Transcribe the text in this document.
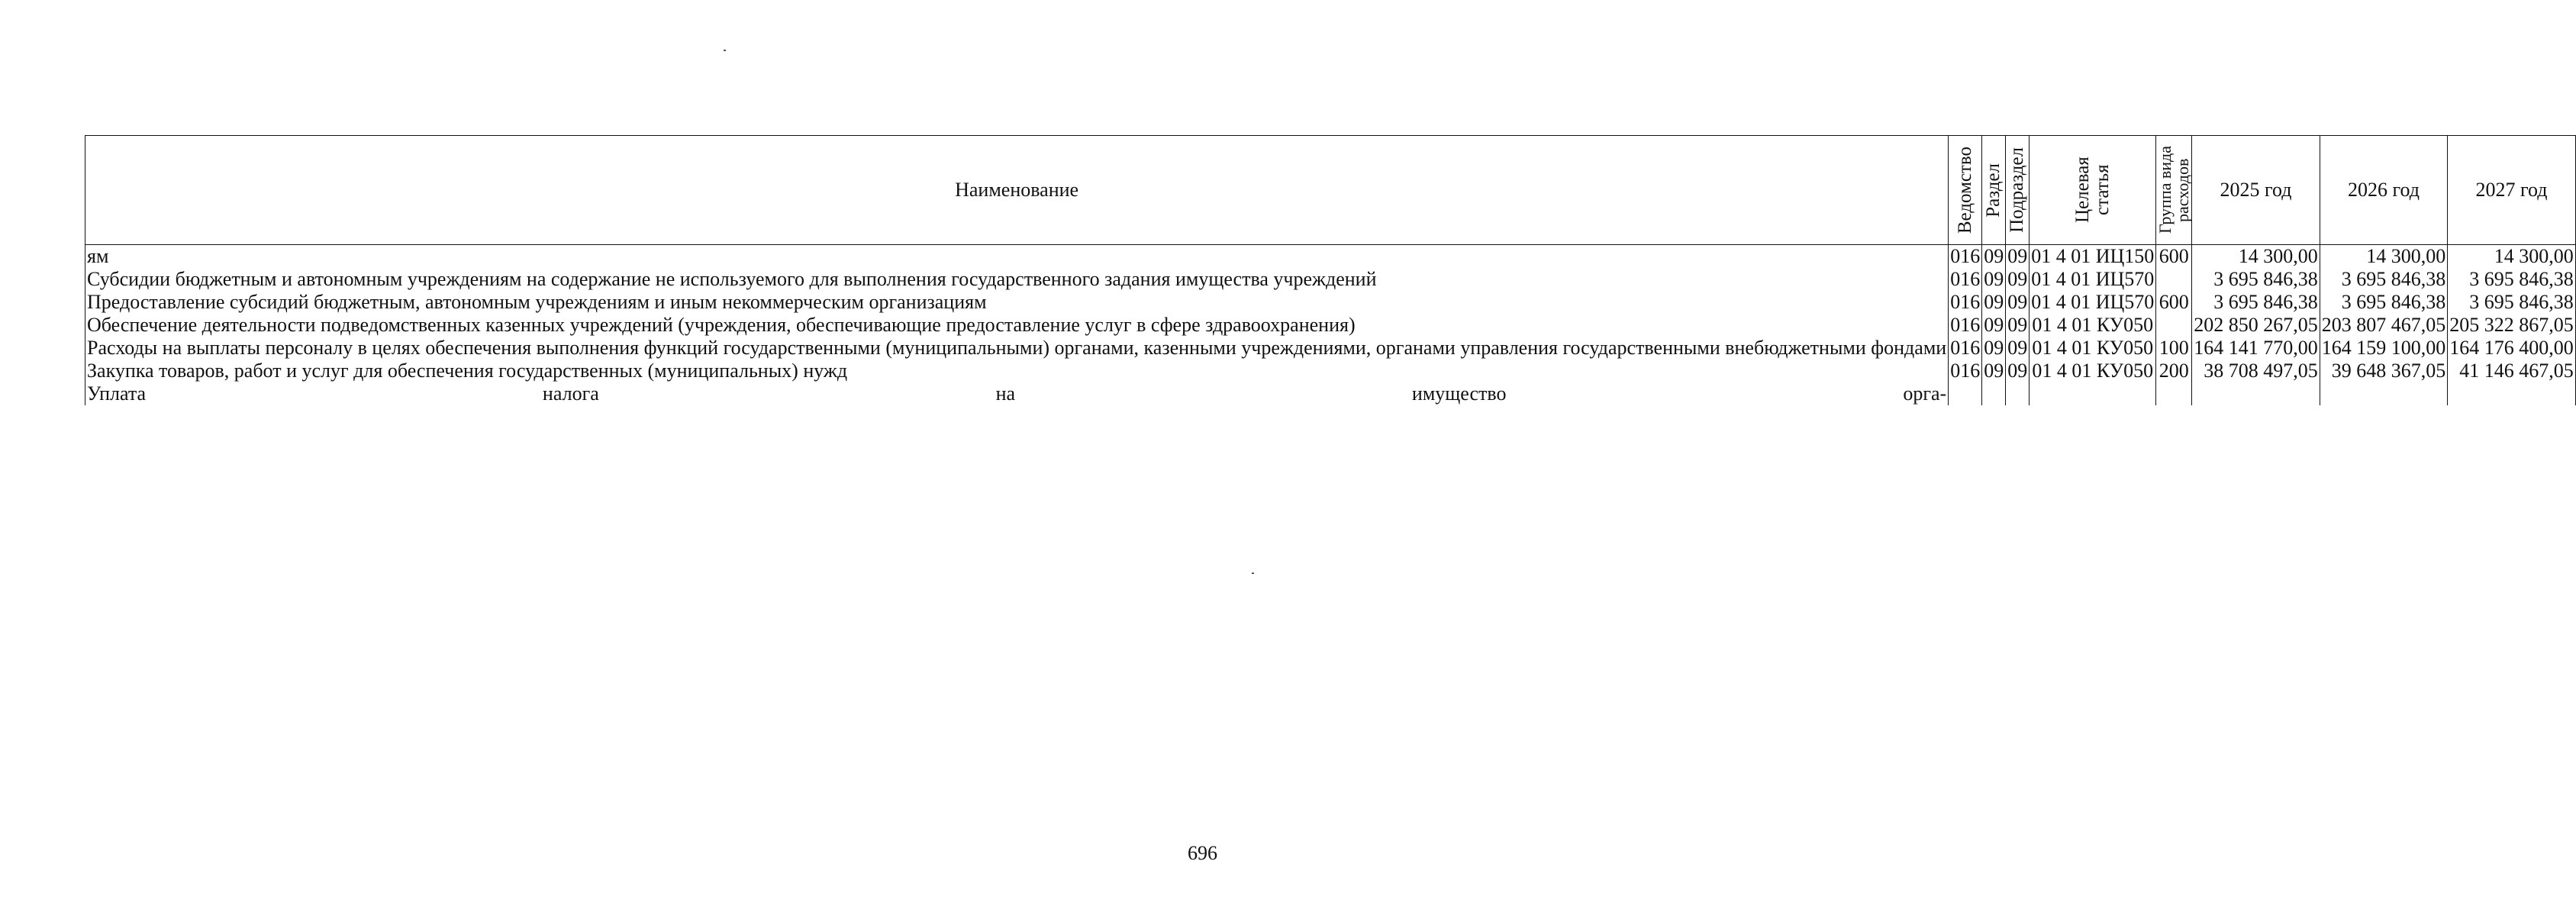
Наименование	Ведомство	Раздел	Подраздел	Целевая статья	Группа вида расходов	2025 год	2026 год	2027 год
ям	016	09	09	01 4 01 ИЦ150	600	14 300,00	14 300,00	14 300,00
Субсидии бюджетным и автономным учреждениям на содержание не используемого для выполнения государственного задания имущества учреждений	016	09	09	01 4 01 ИЦ570		3 695 846,38	3 695 846,38	3 695 846,38
Предоставление субсидий бюджетным, автономным учреждениям и иным некоммерческим организациям	016	09	09	01 4 01 ИЦ570	600	3 695 846,38	3 695 846,38	3 695 846,38
Обеспечение деятельности подведомственных казенных учреждений (учреждения, обеспечивающие предоставление услуг в сфере здравоохранения)	016	09	09	01 4 01 КУ050		202 850 267,05	203 807 467,05	205 322 867,05
Расходы на выплаты персоналу в целях обеспечения выполнения функций государственными (муниципальными) органами, казенными учреждениями, органами управления государственными внебюджетными фондами	016	09	09	01 4 01 КУ050	100	164 141 770,00	164 159 100,00	164 176 400,00
Закупка товаров, работ и услуг для обеспечения государственных (муниципальных) нужд	016	09	09	01 4 01 КУ050	200	38 708 497,05	39 648 367,05	41 146 467,05
Уплата налога на имущество орга-								
696
